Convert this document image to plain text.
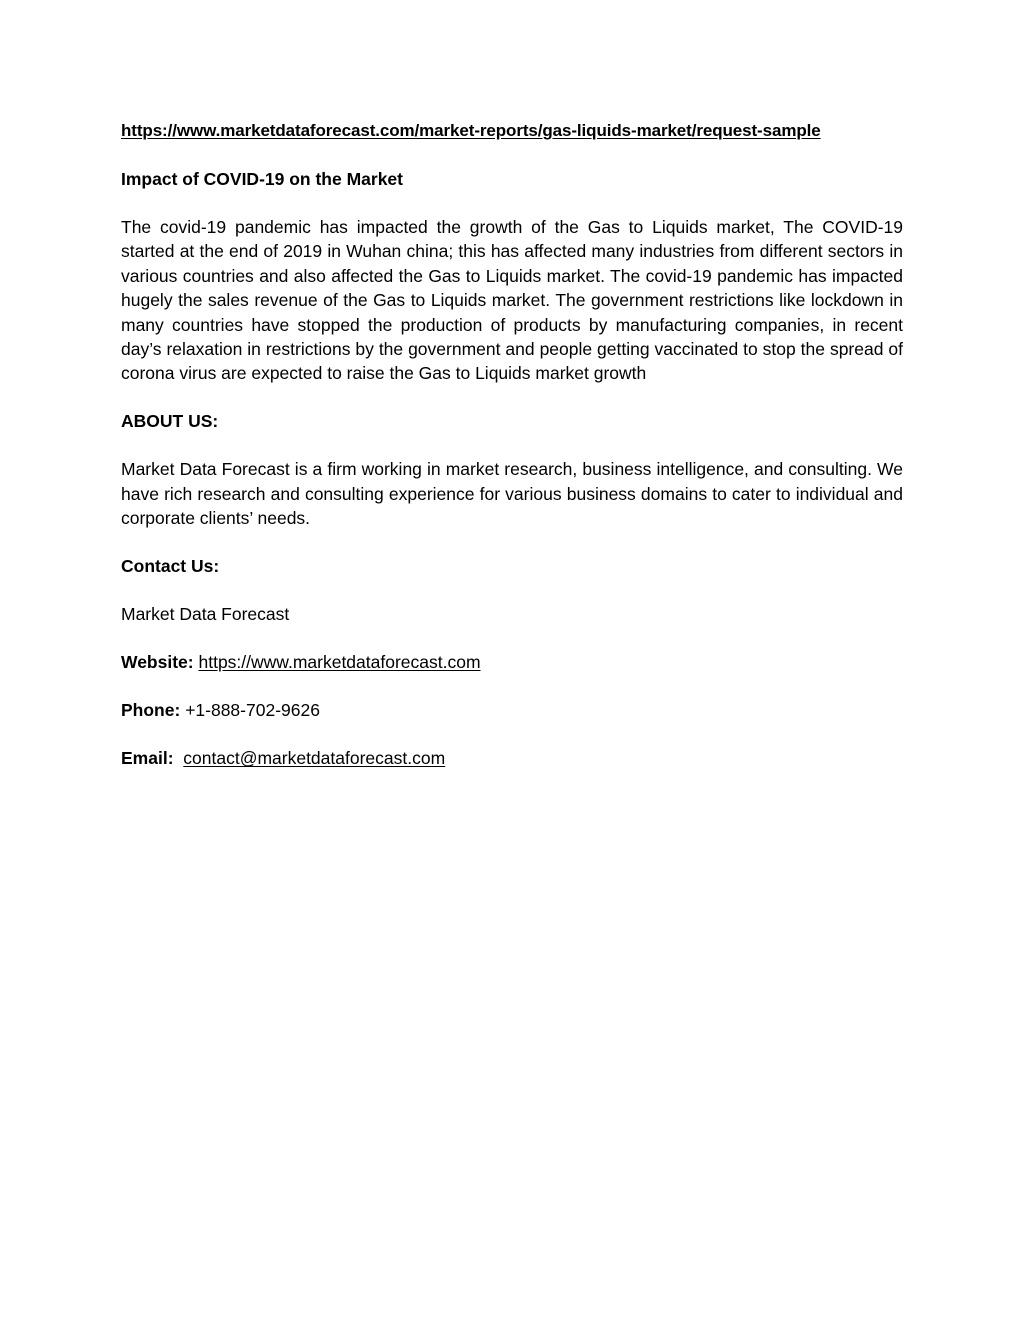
https://www.marketdataforecast.com/market-reports/gas-liquids-market/request-sample
Impact of COVID-19 on the Market
The covid-19 pandemic has impacted the growth of the Gas to Liquids market, The COVID-19 started at the end of 2019 in Wuhan china; this has affected many industries from different sectors in various countries and also affected the Gas to Liquids market. The covid-19 pandemic has impacted hugely the sales revenue of the Gas to Liquids market. The government restrictions like lockdown in many countries have stopped the production of products by manufacturing companies, in recent day’s relaxation in restrictions by the government and people getting vaccinated to stop the spread of corona virus are expected to raise the Gas to Liquids market growth
ABOUT US:
Market Data Forecast is a firm working in market research, business intelligence, and consulting. We have rich research and consulting experience for various business domains to cater to individual and corporate clients’ needs.
Contact Us:
Market Data Forecast
Website: https://www.marketdataforecast.com
Phone: +1-888-702-9626
Email: contact@marketdataforecast.com
